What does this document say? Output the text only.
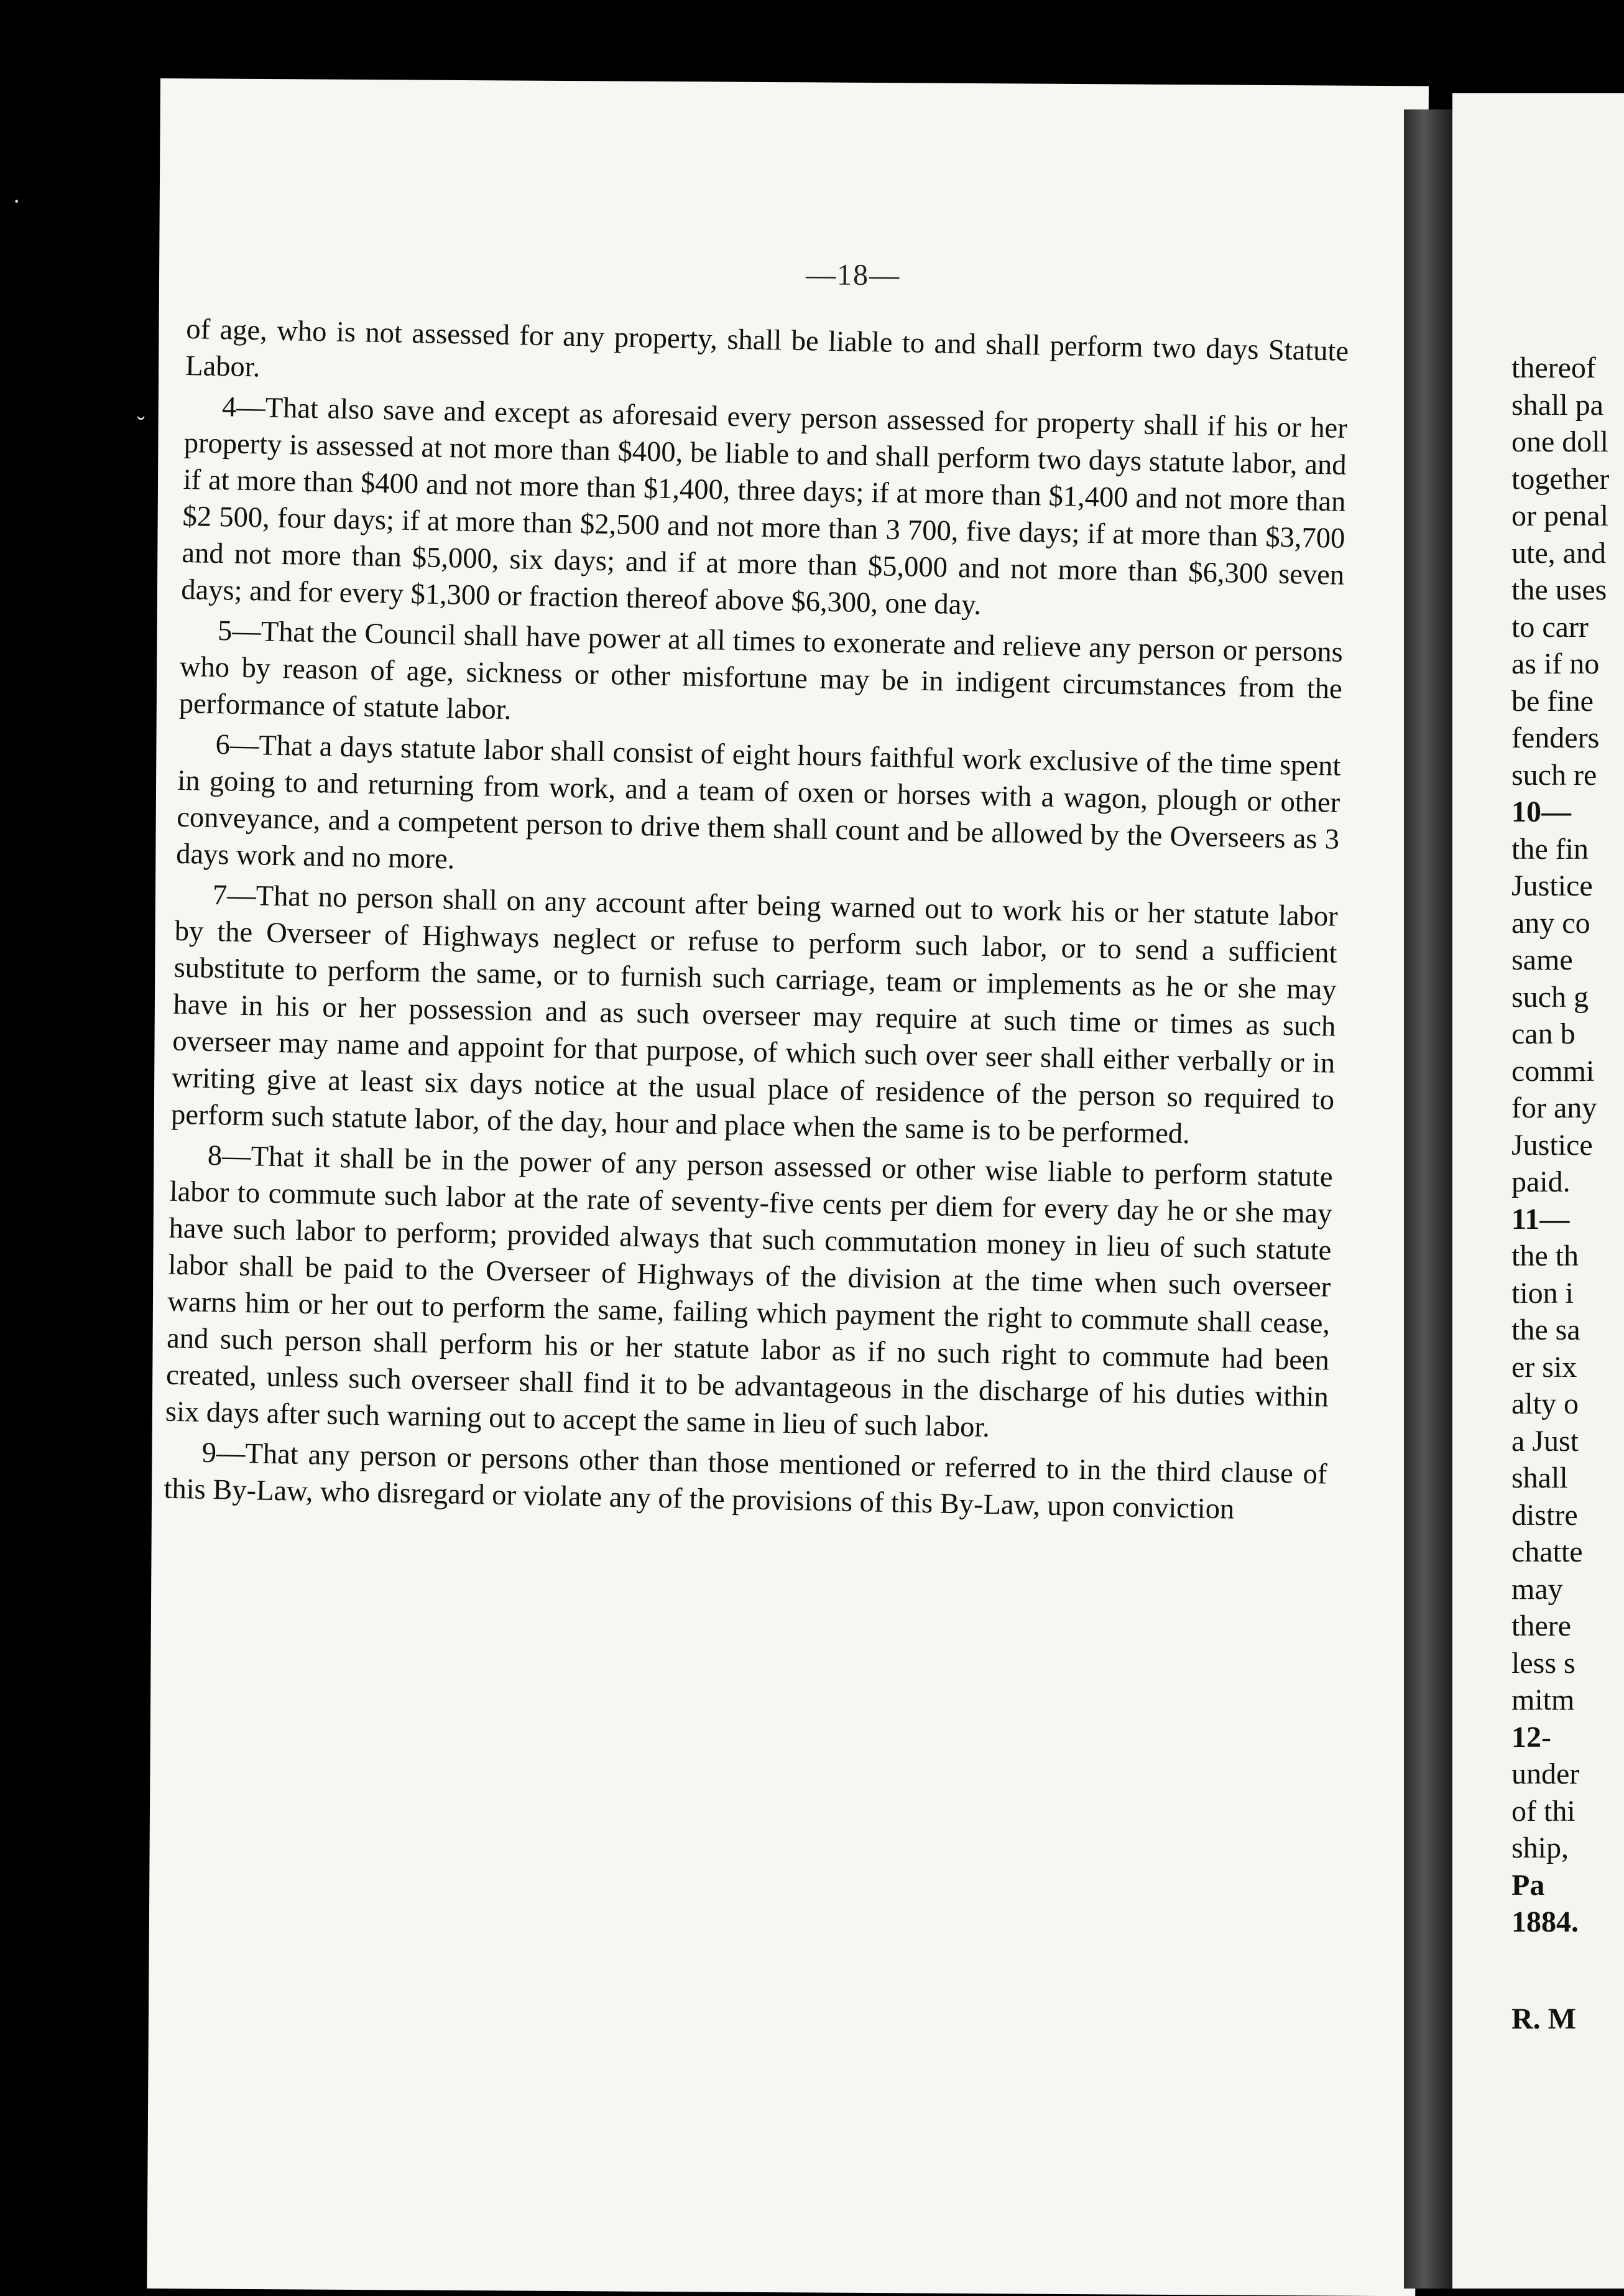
—18—

of age, who is not assessed for any property, shall be liable to and shall perform two days Statute Labor.

4—That also save and except as aforesaid every person assessed for property shall if his or her property is assessed at not more than $400, be liable to and shall perform two days statute labor, and if at more than $400 and not more than $1,400, three days; if at more than $1,400 and not more than $2 500, four days; if at more than $2,500 and not more than 3 700, five days; if at more than $3,700 and not more than $5,000, six days; and if at more than $5,000 and not more than $6,300 seven days; and for every $1,300 or fraction thereof above $6,300, one day.

5—That the Council shall have power at all times to exonerate and relieve any person or persons who by reason of age, sickness or other misfortune may be in indigent circumstances from the performance of statute labor.

6—That a days statute labor shall consist of eight hours faithful work exclusive of the time spent in going to and returning from work, and a team of oxen or horses with a wagon, plough or other conveyance, and a competent person to drive them shall count and be allowed by the Overseers as 3 days work and no more.

7—That no person shall on any account after being warned out to work his or her statute labor by the Overseer of Highways neglect or refuse to perform such labor, or to send a sufficient substitute to perform the same, or to furnish such carriage, team or implements as he or she may have in his or her possession and as such overseer may require at such time or times as such overseer may name and appoint for that purpose, of which such over seer shall either verbally or in writing give at least six days notice at the usual place of residence of the person so required to perform such statute labor, of the day, hour and place when the same is to be performed.

8—That it shall be in the power of any person assessed or other wise liable to perform statute labor to commute such labor at the rate of seventy-five cents per diem for every day he or she may have such labor to perform; provided always that such commutation money in lieu of such statute labor shall be paid to the Overseer of Highways of the division at the time when such overseer warns him or her out to perform the same, failing which payment the right to commute shall cease, and such person shall perform his or her statute labor as if no such right to commute had been created, unless such overseer shall find it to be advantageous in the discharge of his duties within six days after such warning out to accept the same in lieu of such labor.

9—That any person or persons other than those mentioned or referred to in the third clause of this By-Law, who disregard or violate any of the provisions of this By-Law, upon conviction

thereof
shall pa
one doll
together
or penal
ute, and
the uses
to carr
as if no
be fine
fenders
such re
10—
the fin
Justice
any co
same
such g
can b
commi
for any
Justice
paid.
11—
the th
tion i
the sa
er six
alty o
a Just
shall
distre
chatte
may
there
less s
mitm
12-
under
of thi
ship,
Pa
1884.
R. M
·
˘
